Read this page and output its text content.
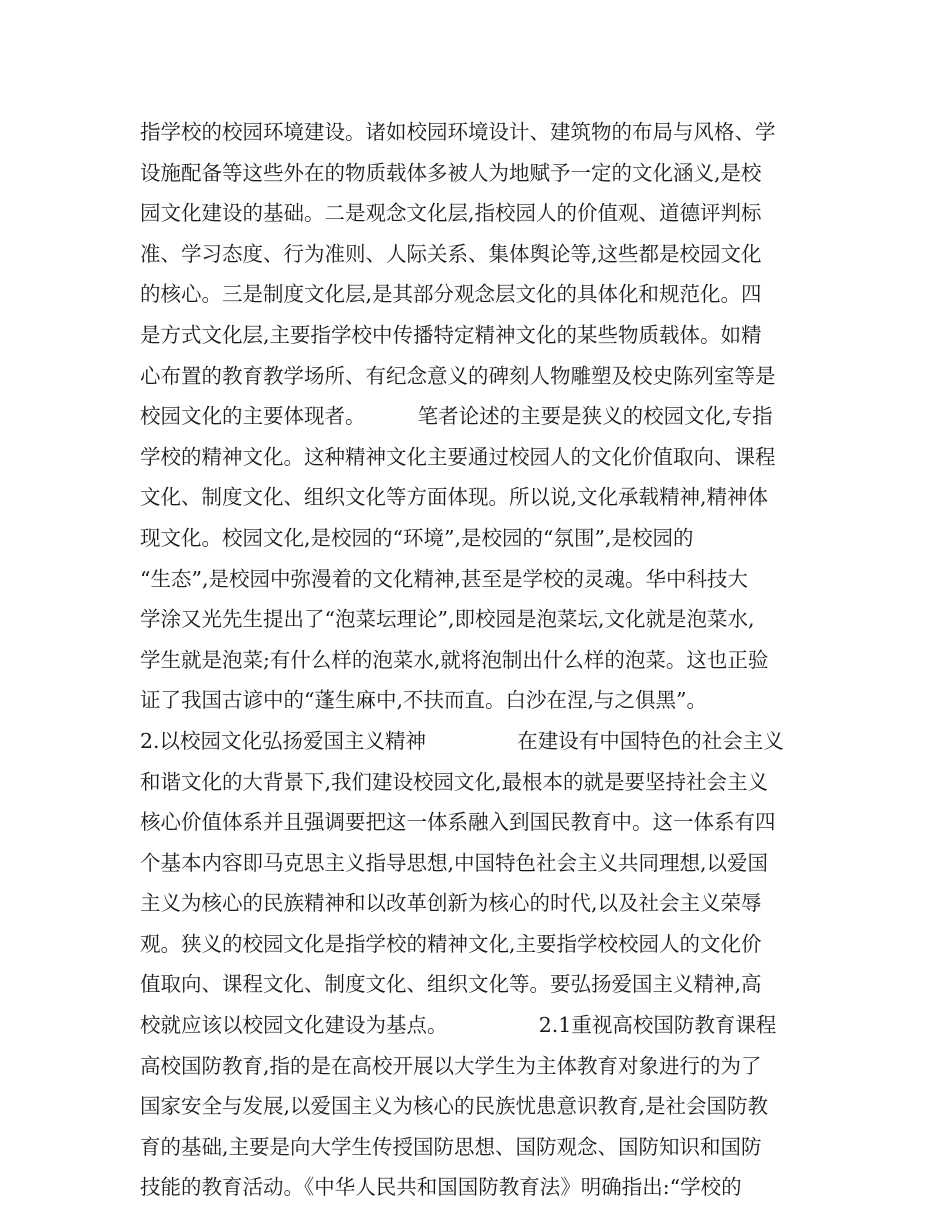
指学校的校园环境建设。诸如校园环境设计、建筑物的布局与风格、学
设施配备等这些外在的物质载体多被人为地赋予一定的文化涵义,是校
园文化建设的基础。二是观念文化层,指校园人的价值观、道德评判标
准、学习态度、行为准则、人际关系、集体舆论等,这些都是校园文化
的核心。三是制度文化层,是其部分观念层文化的具体化和规范化。四
是方式文化层,主要指学校中传播特定精神文化的某些物质载体。如精
心布置的教育教学场所、有纪念意义的碑刻人物雕塑及校史陈列室等是
校园文化的主要体现者。        笔者论述的主要是狭义的校园文化,专指
学校的精神文化。这种精神文化主要通过校园人的文化价值取向、课程
文化、制度文化、组织文化等方面体现。所以说,文化承载精神,精神体
现文化。校园文化,是校园的“环境”,是校园的“氛围”,是校园的
“生态”,是校园中弥漫着的文化精神,甚至是学校的灵魂。华中科技大
学涂又光先生提出了“泡菜坛理论”,即校园是泡菜坛,文化就是泡菜水,
学生就是泡菜;有什么样的泡菜水,就将泡制出什么样的泡菜。这也正验
证了我国古谚中的“蓬生麻中,不扶而直。白沙在涅,与之俱黑”。
2.以校园文化弘扬爱国主义精神              在建设有中国特色的社会主义
和谐文化的大背景下,我们建设校园文化,最根本的就是要坚持社会主义
核心价值体系并且强调要把这一体系融入到国民教育中。这一体系有四
个基本内容即马克思主义指导思想,中国特色社会主义共同理想,以爱国
主义为核心的民族精神和以改革创新为核心的时代,以及社会主义荣辱
观。狭义的校园文化是指学校的精神文化,主要指学校校园人的文化价
值取向、课程文化、制度文化、组织文化等。要弘扬爱国主义精神,高
校就应该以校园文化建设为基点。              2.1重视高校国防教育课程
高校国防教育,指的是在高校开展以大学生为主体教育对象进行的为了
国家安全与发展,以爱国主义为核心的民族忧患意识教育,是社会国防教
育的基础,主要是向大学生传授国防思想、国防观念、国防知识和国防
技能的教育活动。《中华人民共和国国防教育法》明确指出:“学校的
